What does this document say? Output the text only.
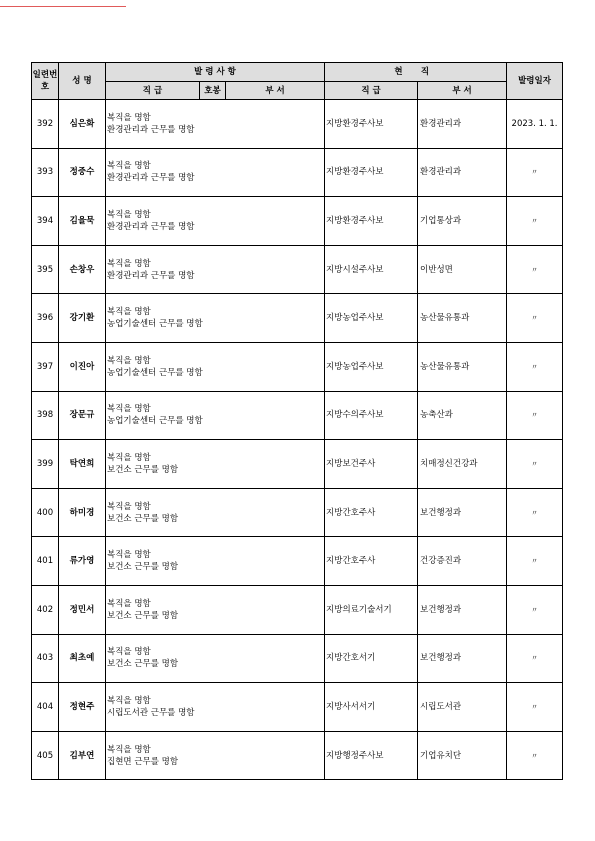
일련번호	성 명	발 령 사 항			현 직		발령일자
		직 급	호봉	부 서	직 급	부 서	
392	심은화	복직을 명함
환경관리과 근무를 명함			지방환경주사보	환경관리과	2023. 1. 1.
393	정중수	복직을 명함
환경관리과 근무를 명함			지방환경주사보	환경관리과	〃
394	김율묵	복직을 명함
환경관리과 근무를 명함			지방환경주사보	기업통상과	〃
395	손창우	복직을 명함
환경관리과 근무를 명함			지방시설주사보	이반성면	〃
396	강기환	복직을 명함
농업기술센터 근무를 명함			지방농업주사보	농산물유통과	〃
397	이진아	복직을 명함
농업기술센터 근무를 명함			지방농업주사보	농산물유통과	〃
398	장문규	복직을 명함
농업기술센터 근무를 명함			지방수의주사보	농축산과	〃
399	탁연희	복직을 명함
보건소 근무를 명함			지방보건주사	치매정신건강과	〃
400	하미경	복직을 명함
보건소 근무를 명함			지방간호주사	보건행정과	〃
401	류가영	복직을 명함
보건소 근무를 명함			지방간호주사	건강증진과	〃
402	정민서	복직을 명함
보건소 근무를 명함			지방의료기술서기	보건행정과	〃
403	최초예	복직을 명함
보건소 근무를 명함			지방간호서기	보건행정과	〃
404	정현주	복직을 명함
시립도서관 근무를 명함			지방사서서기	시립도서관	〃
405	김부연	복직을 명함
집현면 근무를 명함			지방행정주사보	기업유치단	〃
